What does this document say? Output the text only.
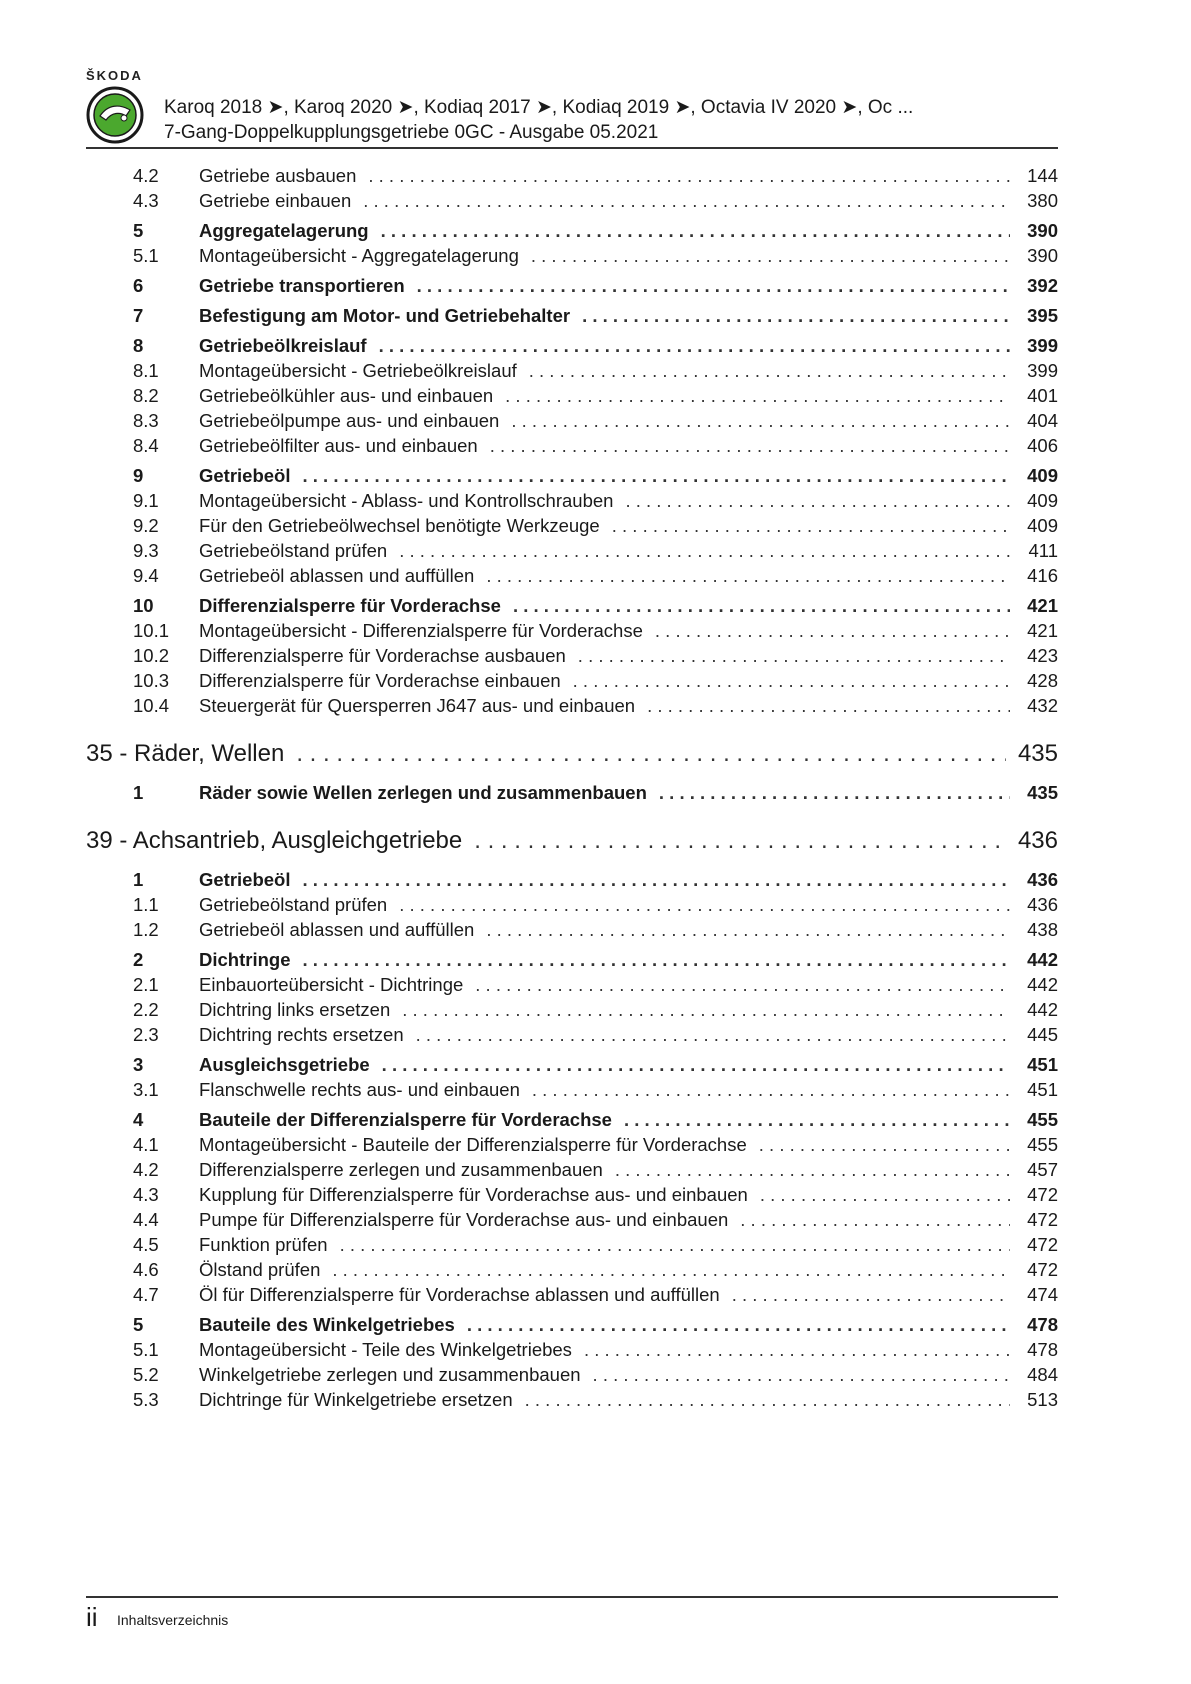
ŠKODA
Karoq 2018 ➤, Karoq 2020 ➤, Kodiaq 2017 ➤, Kodiaq 2019 ➤, Octavia IV 2020 ➤, Oc ...
7-Gang-Doppelkupplungsgetriebe 0GC - Ausgabe 05.2021
4.2	Getriebe ausbauen . . .	144
4.3	Getriebe einbauen . . .	380
5	Aggregatelagerung . . .	390
5.1	Montageübersicht - Aggregatelagerung . . .	390
6	Getriebe transportieren . . .	392
7	Befestigung am Motor- und Getriebehalter . . .	395
8	Getriebeölkreislauf . . .	399
8.1	Montageübersicht - Getriebeölkreislauf . . .	399
8.2	Getriebeölkühler aus- und einbauen . . .	401
8.3	Getriebeölpumpe aus- und einbauen . . .	404
8.4	Getriebeölfilter aus- und einbauen . . .	406
9	Getriebeöl . . .	409
9.1	Montageübersicht - Ablass- und Kontrollschrauben . . .	409
9.2	Für den Getriebeölwechsel benötigte Werkzeuge . . .	409
9.3	Getriebeölstand prüfen . . .	411
9.4	Getriebeöl ablassen und auffüllen . . .	416
10	Differenzialsperre für Vorderachse . . .	421
10.1	Montageübersicht - Differenzialsperre für Vorderachse . . .	421
10.2	Differenzialsperre für Vorderachse ausbauen . . .	423
10.3	Differenzialsperre für Vorderachse einbauen . . .	428
10.4	Steuergerät für Quersperren J647 aus- und einbauen . . .	432
35 - Räder, Wellen . . .	435
1	Räder sowie Wellen zerlegen und zusammenbauen . . .	435
39 - Achsantrieb, Ausgleichgetriebe . . .	436
1	Getriebeöl . . .	436
1.1	Getriebeölstand prüfen . . .	436
1.2	Getriebeöl ablassen und auffüllen . . .	438
2	Dichtringe . . .	442
2.1	Einbauorteübersicht - Dichtringe . . .	442
2.2	Dichtring links ersetzen . . .	442
2.3	Dichtring rechts ersetzen . . .	445
3	Ausgleichsgetriebe . . .	451
3.1	Flanschwelle rechts aus- und einbauen . . .	451
4	Bauteile der Differenzialsperre für Vorderachse . . .	455
4.1	Montageübersicht - Bauteile der Differenzialsperre für Vorderachse . . .	455
4.2	Differenzialsperre zerlegen und zusammenbauen . . .	457
4.3	Kupplung für Differenzialsperre für Vorderachse aus- und einbauen . . .	472
4.4	Pumpe für Differenzialsperre für Vorderachse aus- und einbauen . . .	472
4.5	Funktion prüfen . . .	472
4.6	Ölstand prüfen . . .	472
4.7	Öl für Differenzialsperre für Vorderachse ablassen und auffüllen . . .	474
5	Bauteile des Winkelgetriebes . . .	478
5.1	Montageübersicht - Teile des Winkelgetriebes . . .	478
5.2	Winkelgetriebe zerlegen und zusammenbauen . . .	484
5.3	Dichtringe für Winkelgetriebe ersetzen . . .	513
ii Inhaltsverzeichnis
